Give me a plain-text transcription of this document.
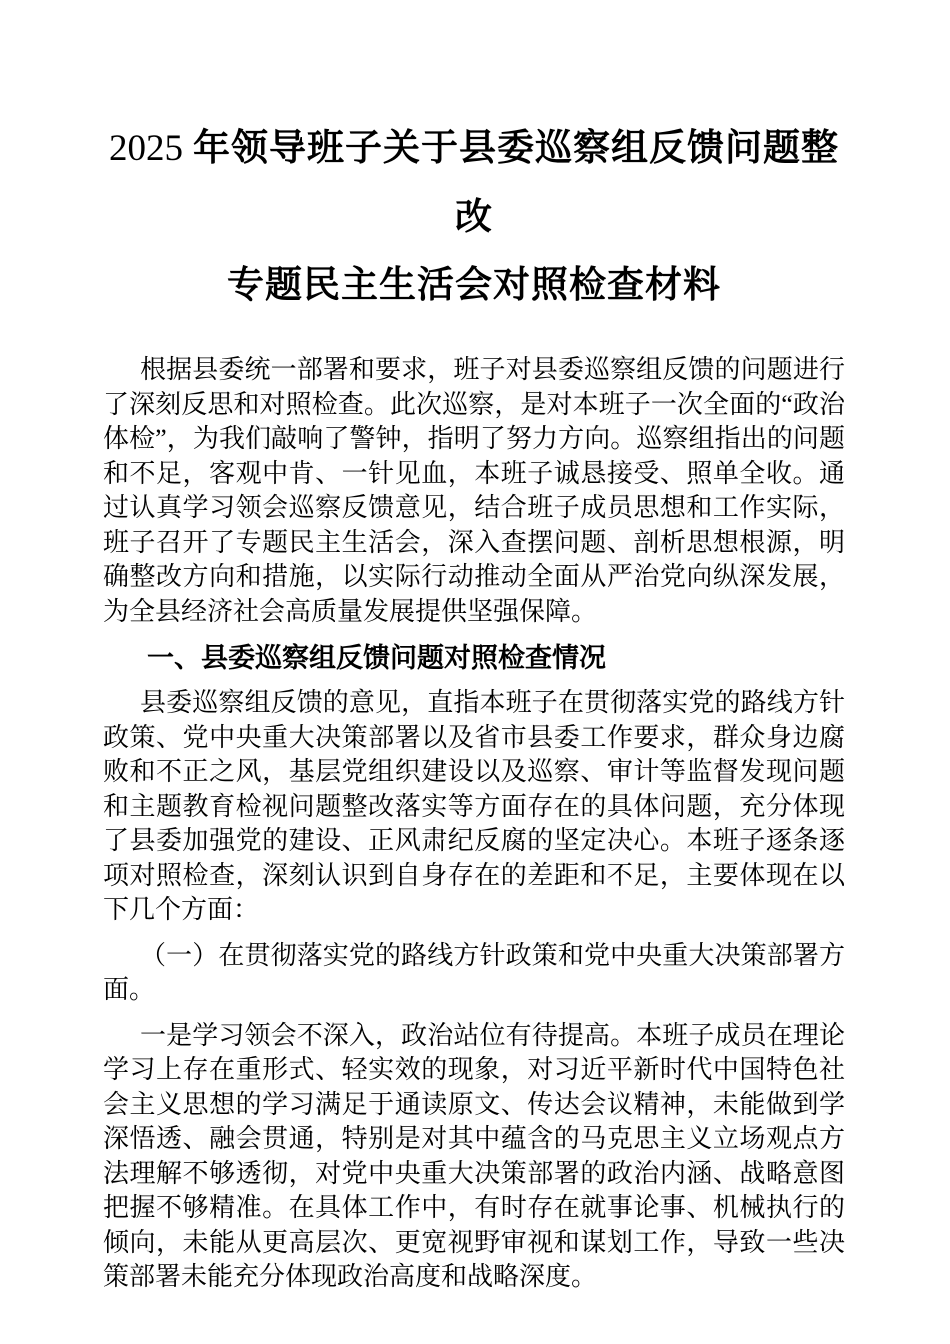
2025 年领导班子关于县委巡察组反馈问题整改
专题民主生活会对照检查材料

根据县委统一部署和要求，班子对县委巡察组反馈的问题进行了深刻反思和对照检查。此次巡察，是对本班子一次全面的“政治体检”，为我们敲响了警钟，指明了努力方向。巡察组指出的问题和不足，客观中肯、一针见血，本班子诚恳接受、照单全收。通过认真学习领会巡察反馈意见，结合班子成员思想和工作实际，班子召开了专题民主生活会，深入查摆问题、剖析思想根源，明确整改方向和措施，以实际行动推动全面从严治党向纵深发展，为全县经济社会高质量发展提供坚强保障。

一、县委巡察组反馈问题对照检查情况

县委巡察组反馈的意见，直指本班子在贯彻落实党的路线方针政策、党中央重大决策部署以及省市县委工作要求，群众身边腐败和不正之风，基层党组织建设以及巡察、审计等监督发现问题和主题教育检视问题整改落实等方面存在的具体问题，充分体现了县委加强党的建设、正风肃纪反腐的坚定决心。本班子逐条逐项对照检查，深刻认识到自身存在的差距和不足，主要体现在以下几个方面：

（一）在贯彻落实党的路线方针政策和党中央重大决策部署方面。

一是学习领会不深入，政治站位有待提高。本班子成员在理论学习上存在重形式、轻实效的现象，对习近平新时代中国特色社会主义思想的学习满足于通读原文、传达会议精神，未能做到学深悟透、融会贯通，特别是对其中蕴含的马克思主义立场观点方法理解不够透彻，对党中央重大决策部署的政治内涵、战略意图把握不够精准。在具体工作中，有时存在就事论事、机械执行的倾向，未能从更高层次、更宽视野审视和谋划工作，导致一些决策部署未能充分体现政治高度和战略深度。
